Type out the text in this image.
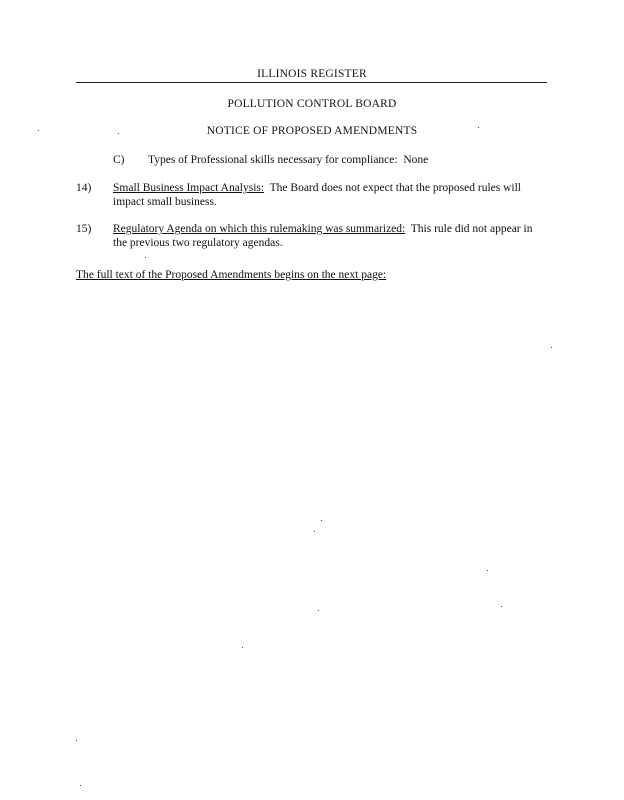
ILLINOIS REGISTER
POLLUTION CONTROL BOARD
NOTICE OF PROPOSED AMENDMENTS
C) Types of Professional skills necessary for compliance: None
14) Small Business Impact Analysis: The Board does not expect that the proposed rules will impact small business.
15) Regulatory Agenda on which this rulemaking was summarized: This rule did not appear in the previous two regulatory agendas.
The full text of the Proposed Amendments begins on the next page:
